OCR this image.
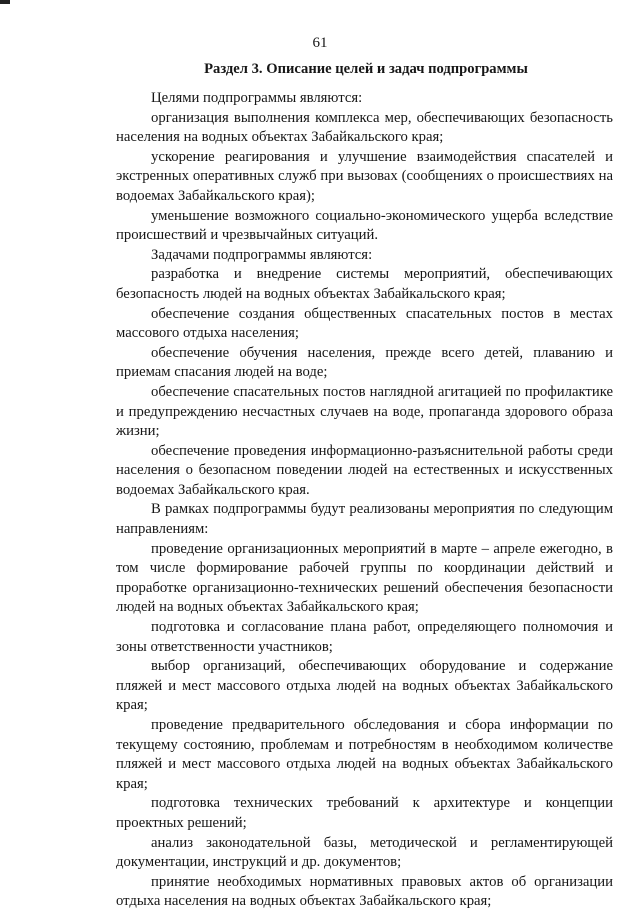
61
Раздел 3. Описание целей и задач подпрограммы

Целями подпрограммы являются:

организация выполнения комплекса мер, обеспечивающих безопасность населения на водных объектах Забайкальского края;

ускорение реагирования и улучшение взаимодействия спасателей и экстренных оперативных служб при вызовах (сообщениях о происшествиях на водоемах Забайкальского края);

уменьшение возможного социально-экономического ущерба вследствие происшествий и чрезвычайных ситуаций.

Задачами подпрограммы являются:

разработка и внедрение системы мероприятий, обеспечивающих безопасность людей на водных объектах Забайкальского края;

обеспечение создания общественных спасательных постов в местах массового отдыха населения;

обеспечение обучения населения, прежде всего детей, плаванию и приемам спасания людей на воде;

обеспечение спасательных постов наглядной агитацией по профилактике и предупреждению несчастных случаев на воде, пропаганда здорового образа жизни;

обеспечение проведения информационно-разъяснительной работы среди населения о безопасном поведении людей на естественных и искусственных водоемах Забайкальского края.

В рамках подпрограммы будут реализованы мероприятия по следующим направлениям:

проведение организационных мероприятий в марте – апреле ежегодно, в том числе формирование рабочей группы по координации действий и проработке организационно-технических решений обеспечения безопасности людей на водных объектах Забайкальского края;

подготовка и согласование плана работ, определяющего полномочия и зоны ответственности участников;

выбор организаций, обеспечивающих оборудование и содержание пляжей и мест массового отдыха людей на водных объектах Забайкальского края;

проведение предварительного обследования и сбора информации по текущему состоянию, проблемам и потребностям в необходимом количестве пляжей и мест массового отдыха людей на водных объектах Забайкальского края;

подготовка технических требований к архитектуре и концепции проектных решений;

анализ законодательной базы, методической и регламентирующей документации, инструкций и др. документов;

принятие необходимых нормативных правовых актов об организации отдыха населения на водных объектах Забайкальского края;
